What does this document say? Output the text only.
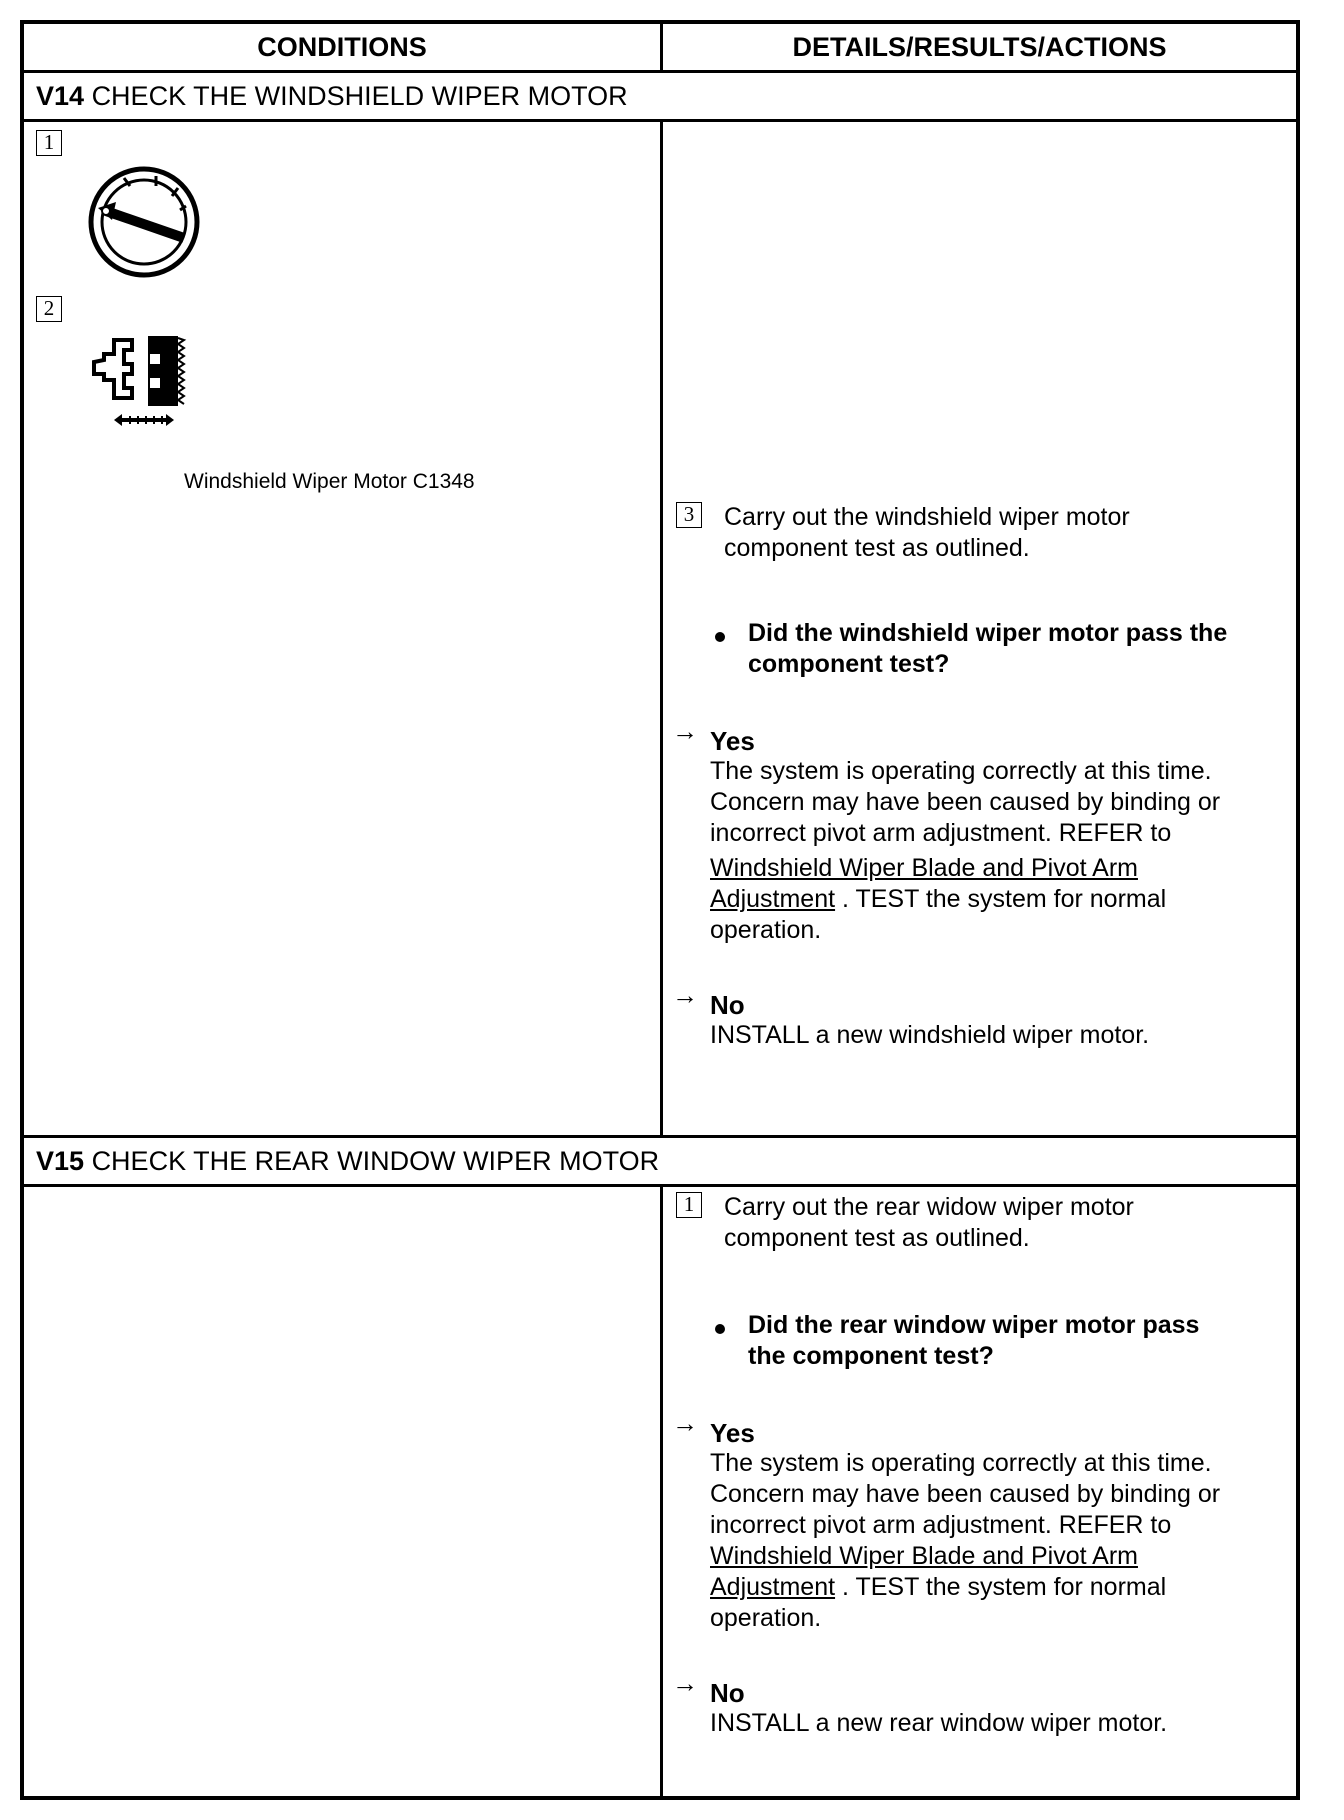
CONDITIONS	DETAILS/RESULTS/ACTIONS
V14 CHECK THE WINDSHIELD WIPER MOTOR
1
2
Windshield Wiper Motor C1348
3	Carry out the windshield wiper motor
component test as outlined.
Did the windshield wiper motor pass the
component test?
→ Yes
The system is operating correctly at this time.
Concern may have been caused by binding or
incorrect pivot arm adjustment. REFER to
Windshield Wiper Blade and Pivot Arm
Adjustment . TEST the system for normal
operation.
→ No
INSTALL a new windshield wiper motor.
V15 CHECK THE REAR WINDOW WIPER MOTOR
1	Carry out the rear widow wiper motor
component test as outlined.
Did the rear window wiper motor pass
the component test?
→ Yes
The system is operating correctly at this time.
Concern may have been caused by binding or
incorrect pivot arm adjustment. REFER to
Windshield Wiper Blade and Pivot Arm
Adjustment . TEST the system for normal
operation.
→ No
INSTALL a new rear window wiper motor.
